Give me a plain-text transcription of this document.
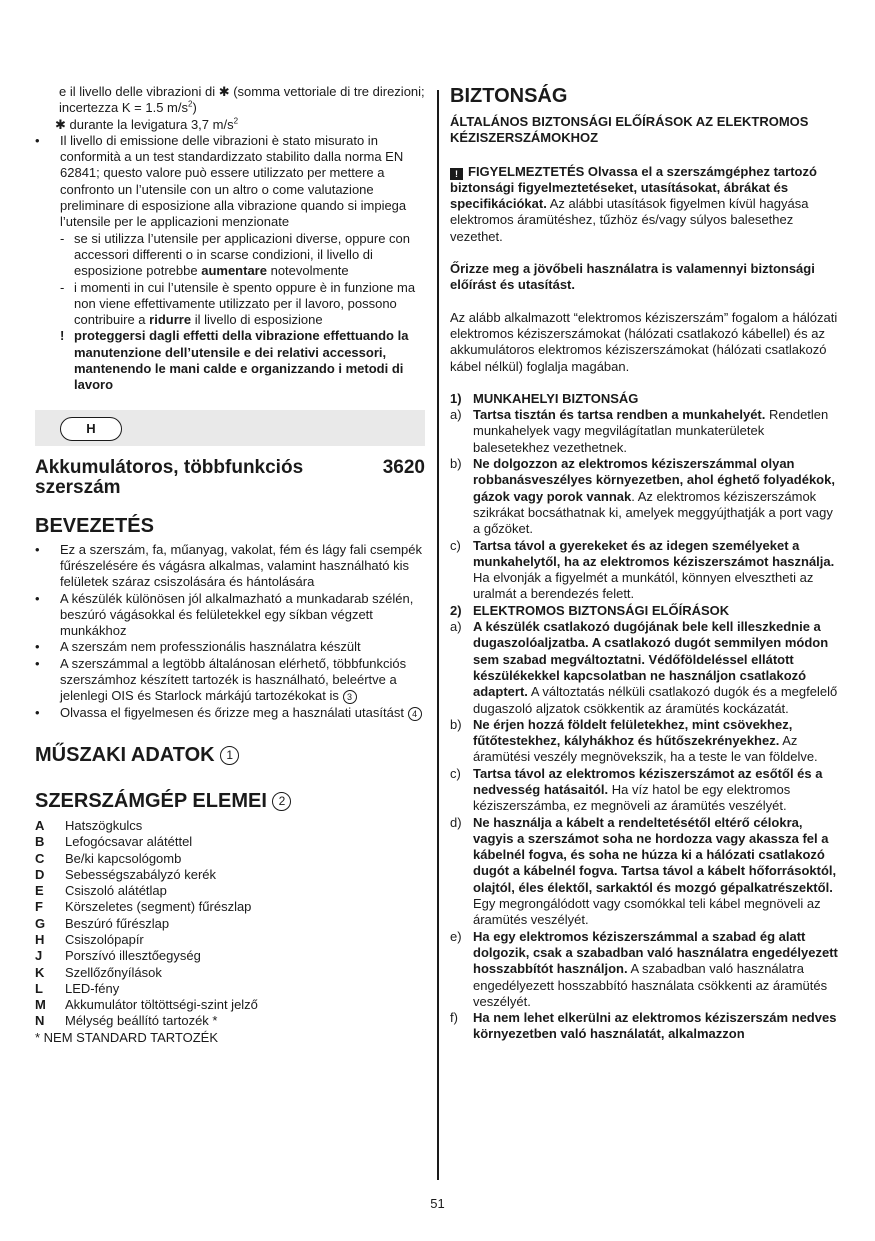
e il livello delle vibrazioni di ✱ (somma vettoriale di tre direzioni; incertezza K = 1.5 $m/s^2$)
✱ durante la levigatura 3,7 $m/s^2$
•	Il livello di emissione delle vibrazioni è stato misurato in conformità a un test standardizzato stabilito dalla norma EN 62841; questo valore può essere utilizzato per mettere a confronto un l’utensile con un altro o come valutazione preliminare di esposizione alla vibrazione quando si impiega l’utensile per le applicazioni menzionate
- se si utilizza l’utensile per applicazioni diverse, oppure con accessori differenti o in scarse condizioni, il livello di esposizione potrebbe aumentare notevolmente
- i momenti in cui l’utensile è spento oppure è in funzione ma non viene effettivamente utilizzato per il lavoro, possono contribuire a ridurre il livello di esposizione
! proteggersi dagli effetti della vibrazione effettuando la manutenzione dell’utensile e dei relativi accessori, mantenendo le mani calde e organizzando i metodi di lavoro
H
Akkumulátoros, többfunkciós szerszám
3620
BEVEZETÉS
•	Ez a szerszám, fa, műanyag, vakolat, fém és lágy fali csempék fűrészelésére és vágásra alkalmas, valamint használható kis felületek száraz csiszolására és hántolására
•	A készülék különösen jól alkalmazható a munkadarab szélén, beszúró vágásokkal és felületekkel egy síkban végzett munkákhoz
•	A szerszám nem professzionális használatra készült
•	A szerszámmal a legtöbb általánosan elérhető, többfunkciós szerszámhoz készített tartozék is használható, beleértve a jelenlegi OIS és Starlock márkájú tartozékokat is 3
•	Olvassa el figyelmesen és őrizze meg a használati utasítást 4
MŰSZAKI ADATOK 1
SZERSZÁMGÉP ELEMEI 2
A	Hatszögkulcs
B	Lefogócsavar alátéttel
C	Be/ki kapcsológomb
D	Sebességszabályzó kerék
E	Csiszoló alátétlap
F	Körszeletes (segment) fűrészlap
G	Beszúró fűrészlap
H	Csiszolópapír
J	Porszívó illesztőegység
K	Szellőzőnyílások
L	LED-fény
M	Akkumulátor töltöttségi-szint jelző
N	Mélység beállító tartozék *
* NEM STANDARD TARTOZÉK
BIZTONSÁG
ÁLTALÁNOS BIZTONSÁGI ELŐÍRÁSOK AZ ELEKTROMOS KÉZISZERSZÁMOKHOZ
! FIGYELMEZTETÉS Olvassa el a szerszámgéphez tartozó biztonsági figyelmeztetéseket, utasításokat, ábrákat és specifikációkat. Az alábbi utasítások figyelmen kívül hagyása elektromos áramütéshez, tűzhöz és/vagy súlyos balesethez vezethet.
Őrizze meg a jövőbeli használatra is valamennyi biztonsági előírást és utasítást.
Az alább alkalmazott “elektromos kéziszerszám” fogalom a hálózati elektromos kéziszerszámokat (hálózati csatlakozó kábellel) és az akkumulátoros elektromos kéziszerszámokat (hálózati csatlakozó kábel nélkül) foglalja magában.
1) MUNKAHELYI BIZTONSÁG
a) Tartsa tisztán és tartsa rendben a munkahelyét. Rendetlen munkahelyek vagy megvilágítatlan munkaterületek balesetekhez vezethetnek.
b) Ne dolgozzon az elektromos kéziszerszámmal olyan robbanásveszélyes környezetben, ahol éghető folyadékok, gázok vagy porok vannak. Az elektromos kéziszerszámok szikrákat bocsáthatnak ki, amelyek meggyújthatják a port vagy a gőzöket.
c) Tartsa távol a gyerekeket és az idegen személyeket a munkahelytől, ha az elektromos kéziszerszámot használja. Ha elvonják a figyelmét a munkától, könnyen elvesztheti az uralmát a berendezés felett.
2) ELEKTROMOS BIZTONSÁGI ELŐÍRÁSOK
a) A készülék csatlakozó dugójának bele kell illeszkednie a dugaszolóaljzatba. A csatlakozó dugót semmilyen módon sem szabad megváltoztatni. Védőföldeléssel ellátott készülékekkel kapcsolatban ne használjon csatlakozó adaptert. A változtatás nélküli csatlakozó dugók és a megfelelő dugaszoló aljzatok csökkentik az áramütés kockázatát.
b) Ne érjen hozzá földelt felületekhez, mint csövekhez, fűtőtestekhez, kályhákhoz és hűtőszekrényekhez. Az áramütési veszély megnövekszik, ha a teste le van földelve.
c) Tartsa távol az elektromos kéziszerszámot az esőtől és a nedvesség hatásaitól. Ha víz hatol be egy elektromos kéziszerszámba, ez megnöveli az áramütés veszélyét.
d) Ne használja a kábelt a rendeltetésétől eltérő célokra, vagyis a szerszámot soha ne hordozza vagy akassza fel a kábelnél fogva, és soha ne húzza ki a hálózati csatlakozó dugót a kábelnél fogva. Tartsa távol a kábelt hőforrásoktól, olajtól, éles élektől, sarkaktól és mozgó gépalkatrészektől. Egy megrongálódott vagy csomókkal teli kábel megnöveli az áramütés veszélyét.
e) Ha egy elektromos kéziszerszámmal a szabad ég alatt dolgozik, csak a szabadban való használatra engedélyezett hosszabbítót használjon. A szabadban való használatra engedélyezett hosszabbító használata csökkenti az áramütés veszélyét.
f)	Ha nem lehet elkerülni az elektromos kéziszerszám nedves környezetben való használatát, alkalmazzon
51
